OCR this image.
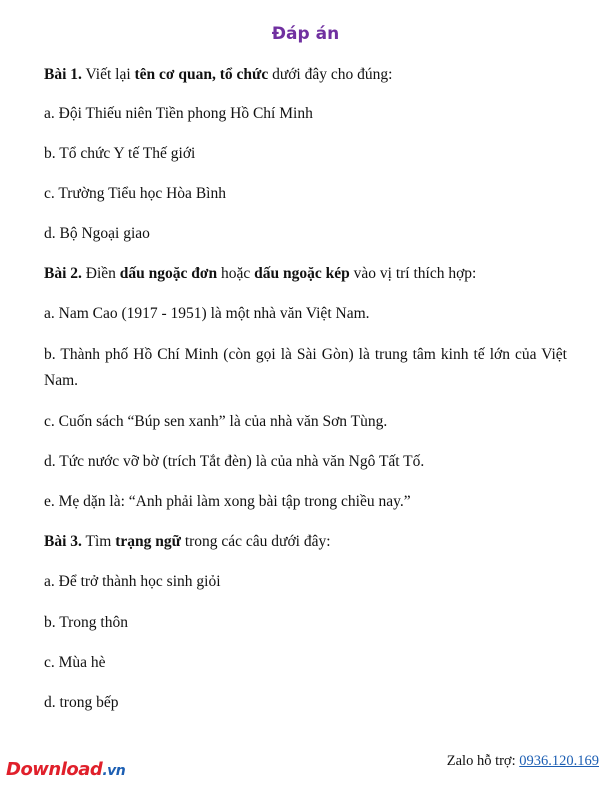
Đáp án
Bài 1. Viết lại tên cơ quan, tổ chức dưới đây cho đúng:
a. Đội Thiếu niên Tiền phong Hồ Chí Minh
b. Tổ chức Y tế Thế giới
c. Trường Tiểu học Hòa Bình
d. Bộ Ngoại giao
Bài 2. Điền dấu ngoặc đơn hoặc dấu ngoặc kép vào vị trí thích hợp:
a. Nam Cao (1917 - 1951) là một nhà văn Việt Nam.
b. Thành phố Hồ Chí Minh (còn gọi là Sài Gòn) là trung tâm kinh tế lớn của Việt Nam.
c. Cuốn sách “Búp sen xanh” là của nhà văn Sơn Tùng.
d. Tức nước vỡ bờ (trích Tắt đèn) là của nhà văn Ngô Tất Tố.
e. Mẹ dặn là: “Anh phải làm xong bài tập trong chiều nay.”
Bài 3. Tìm trạng ngữ trong các câu dưới đây:
a. Để trở thành học sinh giỏi
b. Trong thôn
c. Mùa hè
d. trong bếp
Download.vn
Zalo hỗ trợ: 0936.120.169
